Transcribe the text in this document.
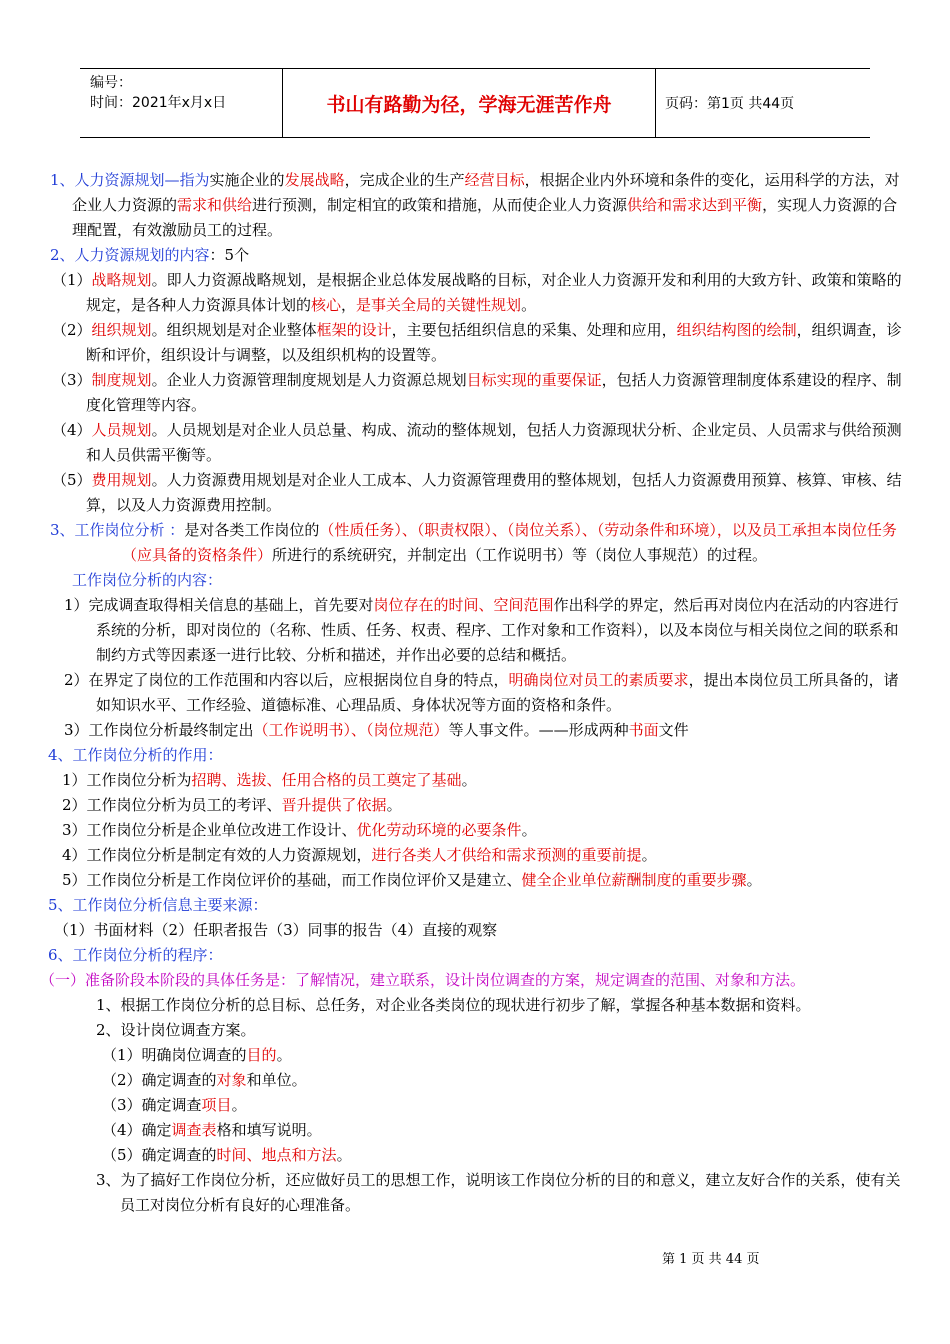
编号：
时间：2021年x月x日	书山有路勤为径，学海无涯苦作舟	页码：第1页 共44页

1、人力资源规划—指为实施企业的发展战略，完成企业的生产经营目标，根据企业内外环境和条件的变化，运用科学的方法，对企业人力资源的需求和供给进行预测，制定相宜的政策和措施，从而使企业人力资源供给和需求达到平衡，实现人力资源的合理配置，有效激励员工的过程。

2、人力资源规划的内容：5个

（1）战略规划。即人力资源战略规划，是根据企业总体发展战略的目标，对企业人力资源开发和利用的大致方针、政策和策略的规定，是各种人力资源具体计划的核心，是事关全局的关键性规划。

（2）组织规划。组织规划是对企业整体框架的设计，主要包括组织信息的采集、处理和应用，组织结构图的绘制，组织调查，诊断和评价，组织设计与调整，以及组织机构的设置等。

（3）制度规划。企业人力资源管理制度规划是人力资源总规划目标实现的重要保证，包括人力资源管理制度体系建设的程序、制度化管理等内容。

（4）人员规划。人员规划是对企业人员总量、构成、流动的整体规划，包括人力资源现状分析、企业定员、人员需求与供给预测和人员供需平衡等。

（5）费用规划。人力资源费用规划是对企业人工成本、人力资源管理费用的整体规划，包括人力资源费用预算、核算、审核、结算，以及人力资源费用控制。

3、工作岗位分析 ：是对各类工作岗位的（性质任务）、（职责权限）、（岗位关系）、（劳动条件和环境），以及员工承担本岗位任务（应具备的资格条件）所进行的系统研究，并制定出（工作说明书）等（岗位人事规范）的过程。

工作岗位分析的内容：

1）完成调查取得相关信息的基础上，首先要对岗位存在的时间、空间范围作出科学的界定，然后再对岗位内在活动的内容进行系统的分析，即对岗位的（名称、性质、任务、权责、程序、工作对象和工作资料），以及本岗位与相关岗位之间的联系和制约方式等因素逐一进行比较、分析和描述，并作出必要的总结和概括。

2）在界定了岗位的工作范围和内容以后，应根据岗位自身的特点，明确岗位对员工的素质要求，提出本岗位员工所具备的，诸如知识水平、工作经验、道德标准、心理品质、身体状况等方面的资格和条件。

3）工作岗位分析最终制定出（工作说明书）、（岗位规范）等人事文件。——形成两种书面文件

4、工作岗位分析的作用：

1）工作岗位分析为招聘、选拔、任用合格的员工奠定了基础。

2）工作岗位分析为员工的考评、晋升提供了依据。

3）工作岗位分析是企业单位改进工作设计、优化劳动环境的必要条件。

4）工作岗位分析是制定有效的人力资源规划，进行各类人才供给和需求预测的重要前提。

5）工作岗位分析是工作岗位评价的基础，而工作岗位评价又是建立、健全企业单位薪酬制度的重要步骤。

5、工作岗位分析信息主要来源：

（1）书面材料（2）任职者报告（3）同事的报告（4）直接的观察

6、工作岗位分析的程序：

（一）准备阶段本阶段的具体任务是：了解情况，建立联系，设计岗位调查的方案，规定调查的范围、对象和方法。

1、根据工作岗位分析的总目标、总任务，对企业各类岗位的现状进行初步了解，掌握各种基本数据和资料。

2、设计岗位调查方案。

（1）明确岗位调查的目的。

（2）确定调查的对象和单位。

（3）确定调查项目。

（4）确定调查表格和填写说明。

（5）确定调查的时间、地点和方法。

3、为了搞好工作岗位分析，还应做好员工的思想工作，说明该工作岗位分析的目的和意义，建立友好合作的关系，使有关员工对岗位分析有良好的心理准备。

第 1 页 共 44 页
